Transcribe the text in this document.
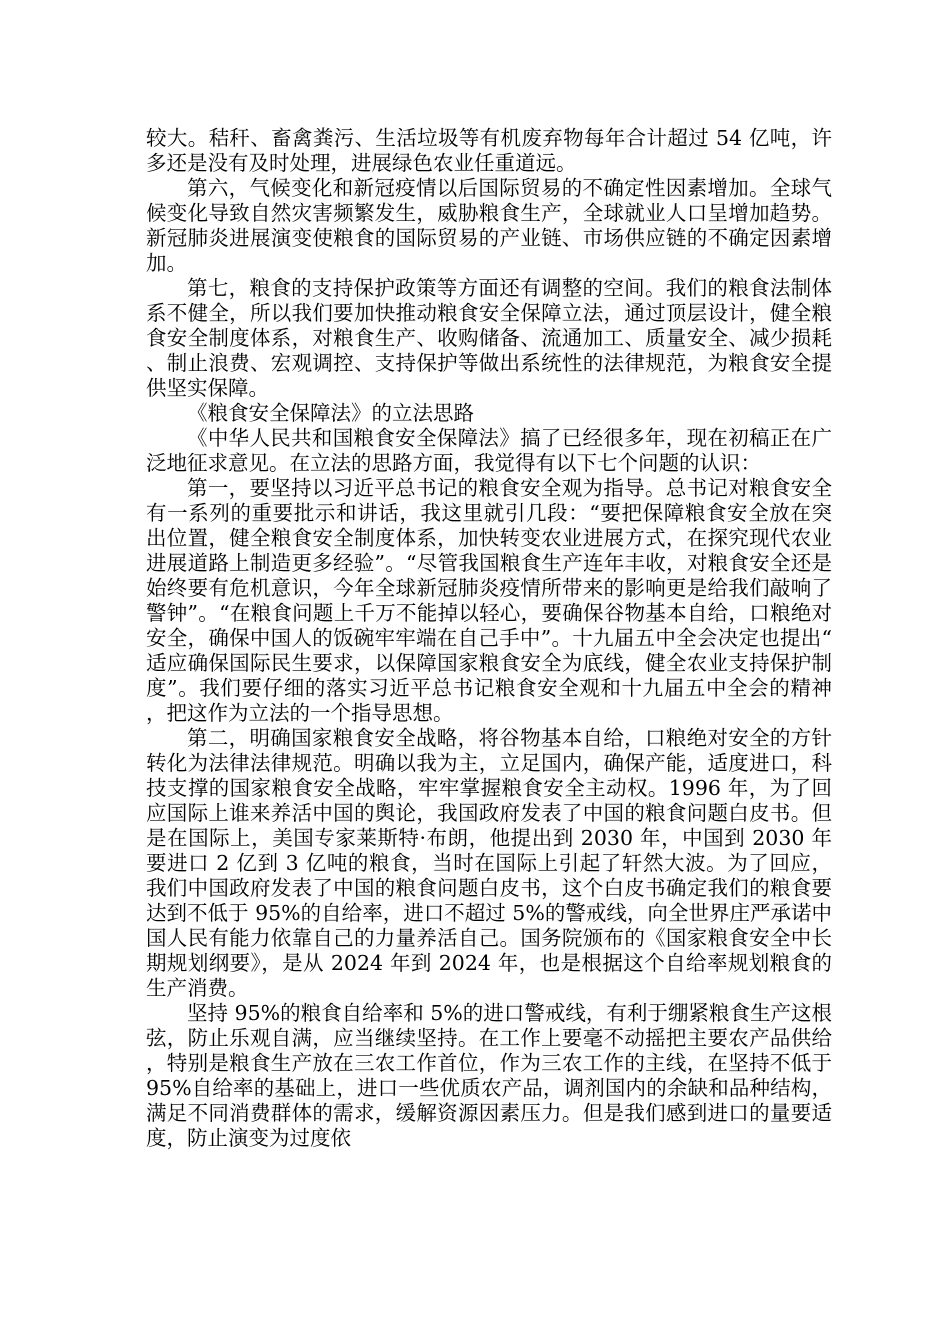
较大。秸秆、畜禽粪污、生活垃圾等有机废弃物每年合计超过 54 亿吨，许多还是没有及时处理，进展绿色农业任重道远。

第六，气候变化和新冠疫情以后国际贸易的不确定性因素增加。全球气候变化导致自然灾害频繁发生，威胁粮食生产，全球就业人口呈增加趋势。新冠肺炎进展演变使粮食的国际贸易的产业链、市场供应链的不确定因素增加。

第七，粮食的支持保护政策等方面还有调整的空间。我们的粮食法制体系不健全，所以我们要加快推动粮食安全保障立法，通过顶层设计，健全粮食安全制度体系，对粮食生产、收购储备、流通加工、质量安全、减少损耗、制止浪费、宏观调控、支持保护等做出系统性的法律规范，为粮食安全提供坚实保障。

《粮食安全保障法》的立法思路

《中华人民共和国粮食安全保障法》搞了已经很多年，现在初稿正在广泛地征求意见。在立法的思路方面，我觉得有以下七个问题的认识：

第一，要坚持以习近平总书记的粮食安全观为指导。总书记对粮食安全有一系列的重要批示和讲话，我这里就引几段：“要把保障粮食安全放在突出位置，健全粮食安全制度体系，加快转变农业进展方式，在探究现代农业进展道路上制造更多经验”。“尽管我国粮食生产连年丰收，对粮食安全还是始终要有危机意识，今年全球新冠肺炎疫情所带来的影响更是给我们敲响了警钟”。“在粮食问题上千万不能掉以轻心，要确保谷物基本自给，口粮绝对安全，确保中国人的饭碗牢牢端在自己手中”。十九届五中全会决定也提出“适应确保国际民生要求，以保障国家粮食安全为底线，健全农业支持保护制度”。我们要仔细的落实习近平总书记粮食安全观和十九届五中全会的精神，把这作为立法的一个指导思想。

第二，明确国家粮食安全战略，将谷物基本自给，口粮绝对安全的方针转化为法律法律规范。明确以我为主，立足国内，确保产能，适度进口，科技支撑的国家粮食安全战略，牢牢掌握粮食安全主动权。1996 年，为了回应国际上谁来养活中国的舆论，我国政府发表了中国的粮食问题白皮书。但是在国际上，美国专家莱斯特·布朗，他提出到 2030 年，中国到 2030 年要进口 2 亿到 3 亿吨的粮食，当时在国际上引起了轩然大波。为了回应，我们中国政府发表了中国的粮食问题白皮书，这个白皮书确定我们的粮食要达到不低于 95%的自给率，进口不超过 5%的警戒线，向全世界庄严承诺中国人民有能力依靠自己的力量养活自己。国务院颁布的《国家粮食安全中长期规划纲要》，是从 2024 年到 2024 年，也是根据这个自给率规划粮食的生产消费。

坚持 95%的粮食自给率和 5%的进口警戒线，有利于绷紧粮食生产这根弦，防止乐观自满，应当继续坚持。在工作上要毫不动摇把主要农产品供给，特别是粮食生产放在三农工作首位，作为三农工作的主线，在坚持不低于 95%自给率的基础上，进口一些优质农产品，调剂国内的余缺和品种结构，满足不同消费群体的需求，缓解资源因素压力。但是我们感到进口的量要适度，防止演变为过度依
